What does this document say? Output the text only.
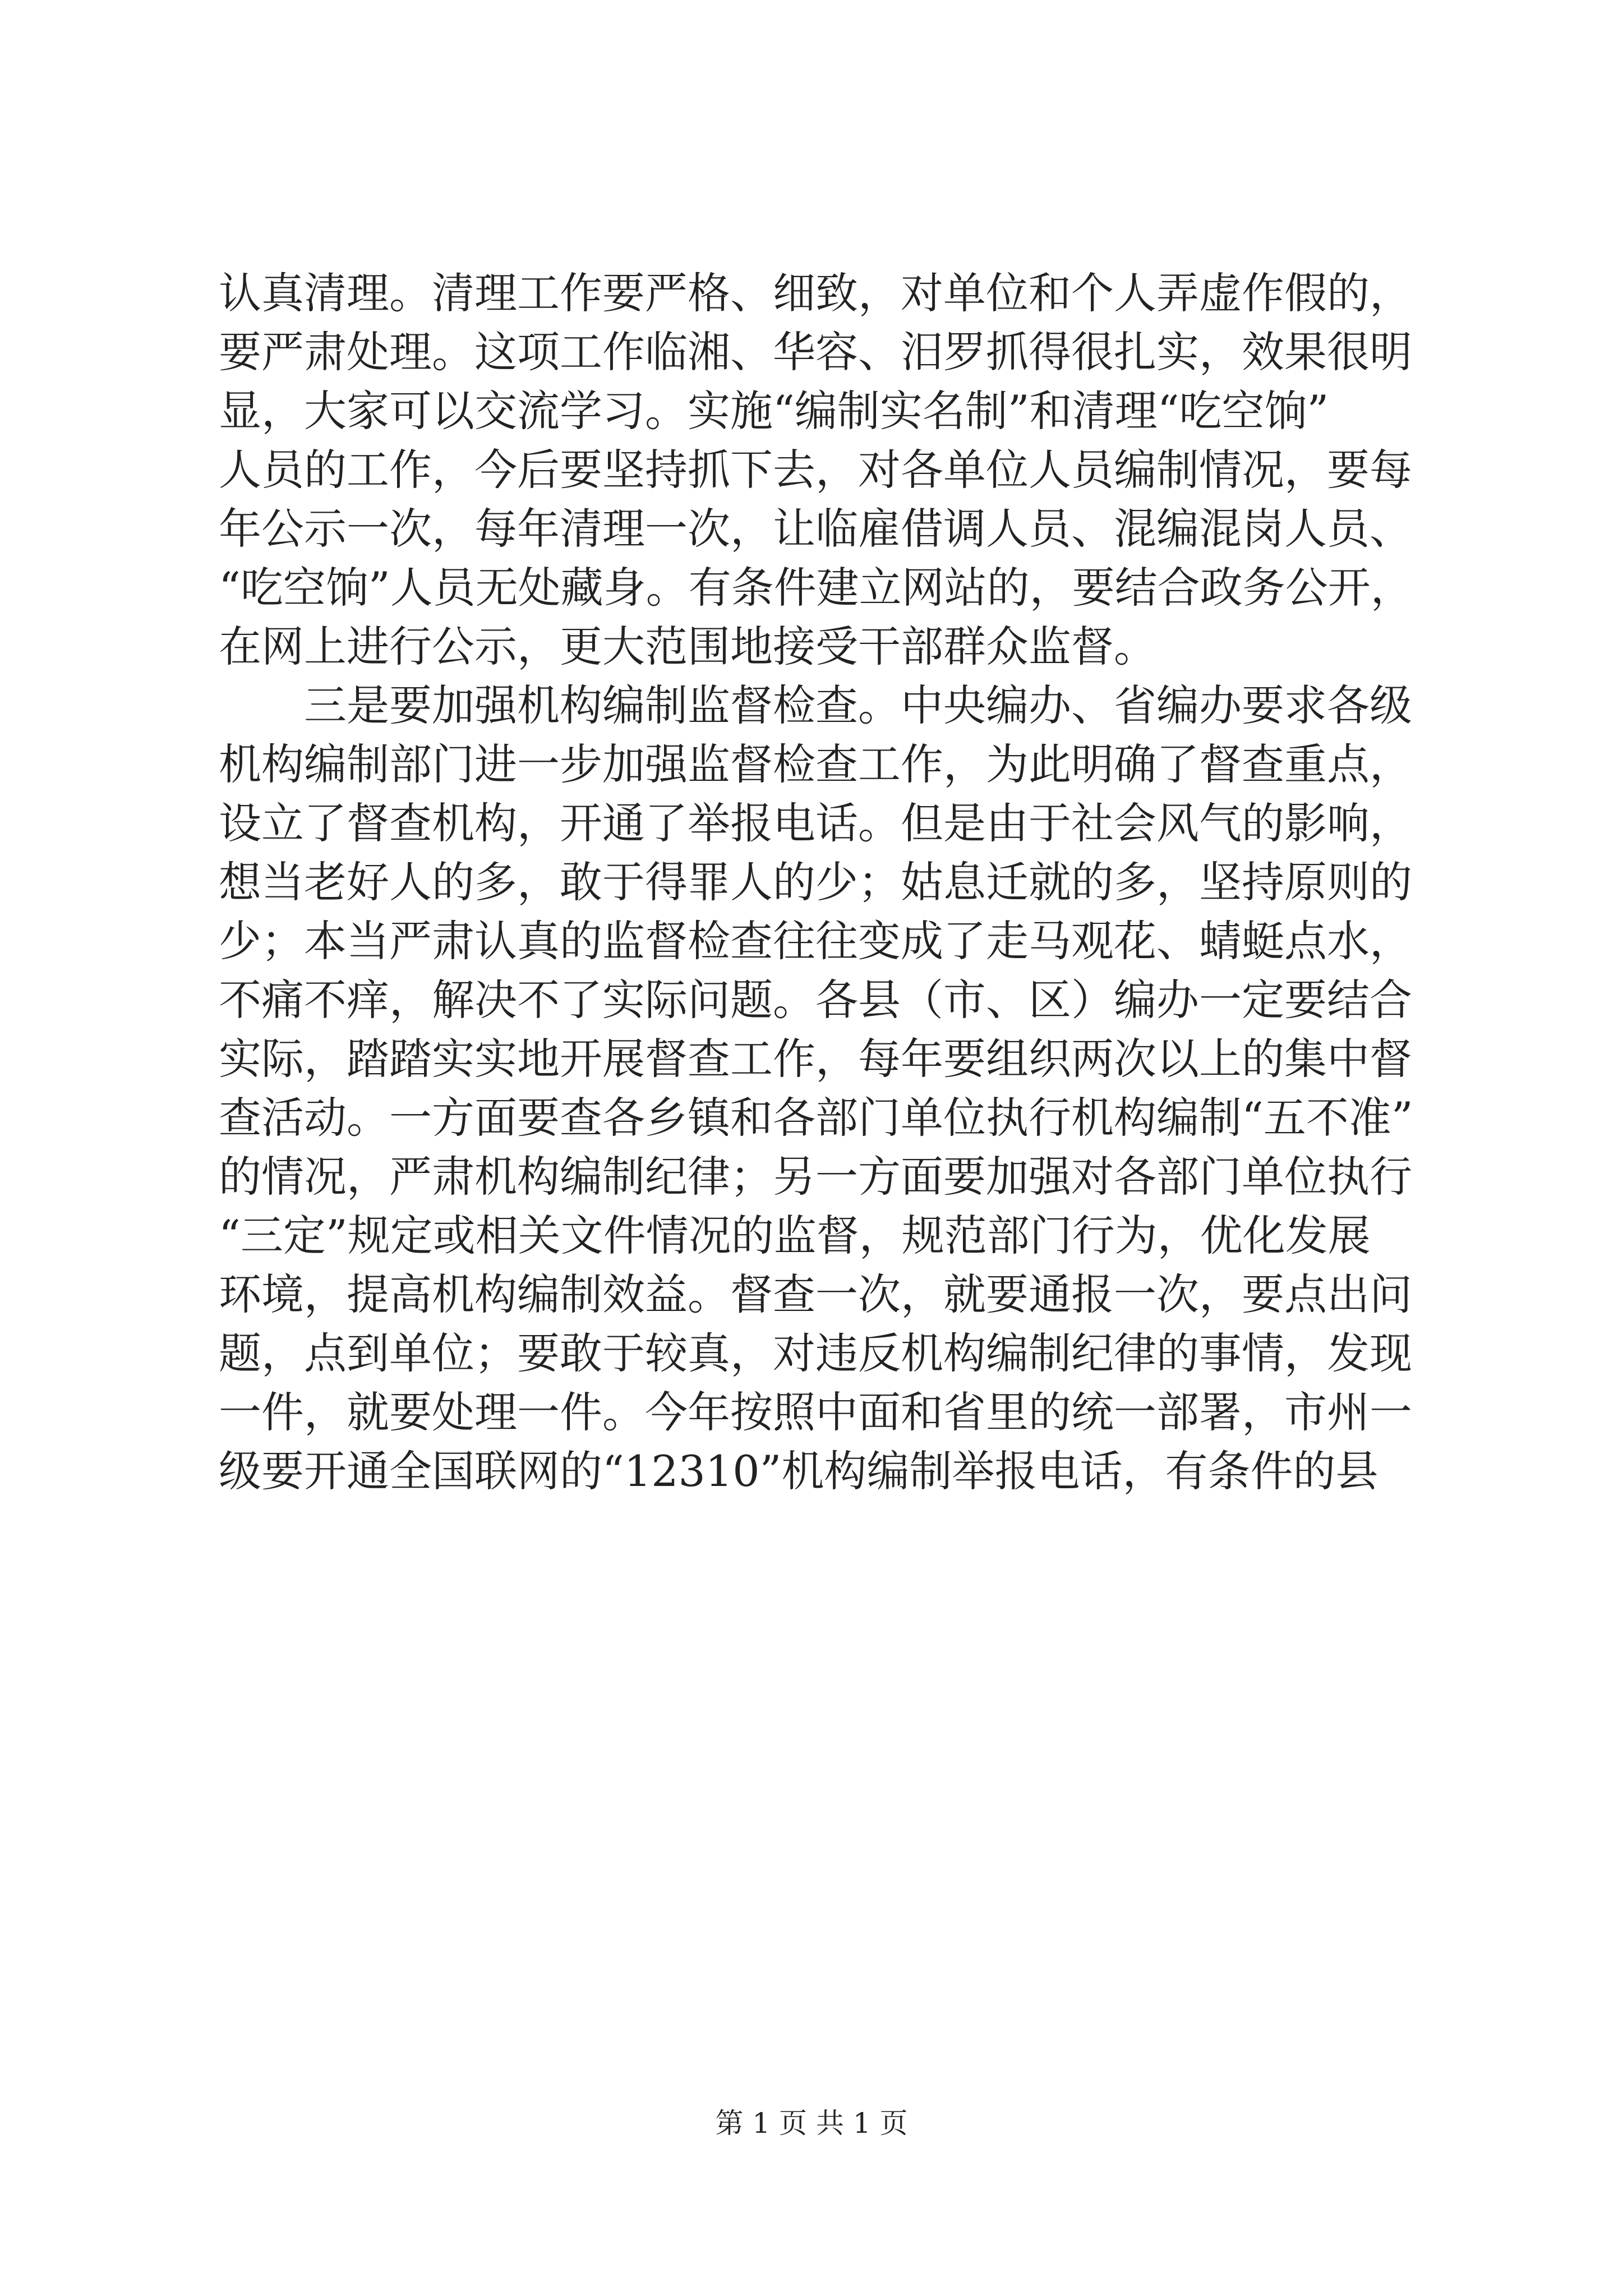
认真清理。清理工作要严格、细致，对单位和个人弄虚作假的，
要严肃处理。这项工作临湘、华容、汨罗抓得很扎实，效果很明
显，大家可以交流学习。实施“编制实名制”和清理“吃空饷”
人员的工作，今后要坚持抓下去，对各单位人员编制情况，要每
年公示一次，每年清理一次，让临雇借调人员、混编混岗人员、
“吃空饷”人员无处藏身。有条件建立网站的，要结合政务公开，
在网上进行公示，更大范围地接受干部群众监督。
三是要加强机构编制监督检查。中央编办、省编办要求各级
机构编制部门进一步加强监督检查工作，为此明确了督查重点，
设立了督查机构，开通了举报电话。但是由于社会风气的影响，
想当老好人的多，敢于得罪人的少；姑息迁就的多，坚持原则的
少；本当严肃认真的监督检查往往变成了走马观花、蜻蜓点水，
不痛不痒，解决不了实际问题。各县（市、区）编办一定要结合
实际，踏踏实实地开展督查工作，每年要组织两次以上的集中督
查活动。一方面要查各乡镇和各部门单位执行机构编制“五不准”
的情况，严肃机构编制纪律；另一方面要加强对各部门单位执行
“三定”规定或相关文件情况的监督，规范部门行为，优化发展
环境，提高机构编制效益。督查一次，就要通报一次，要点出问
题，点到单位；要敢于较真，对违反机构编制纪律的事情，发现
一件，就要处理一件。今年按照中面和省里的统一部署，市州一
级要开通全国联网的“12310”机构编制举报电话，有条件的县
第 1 页 共 1 页
